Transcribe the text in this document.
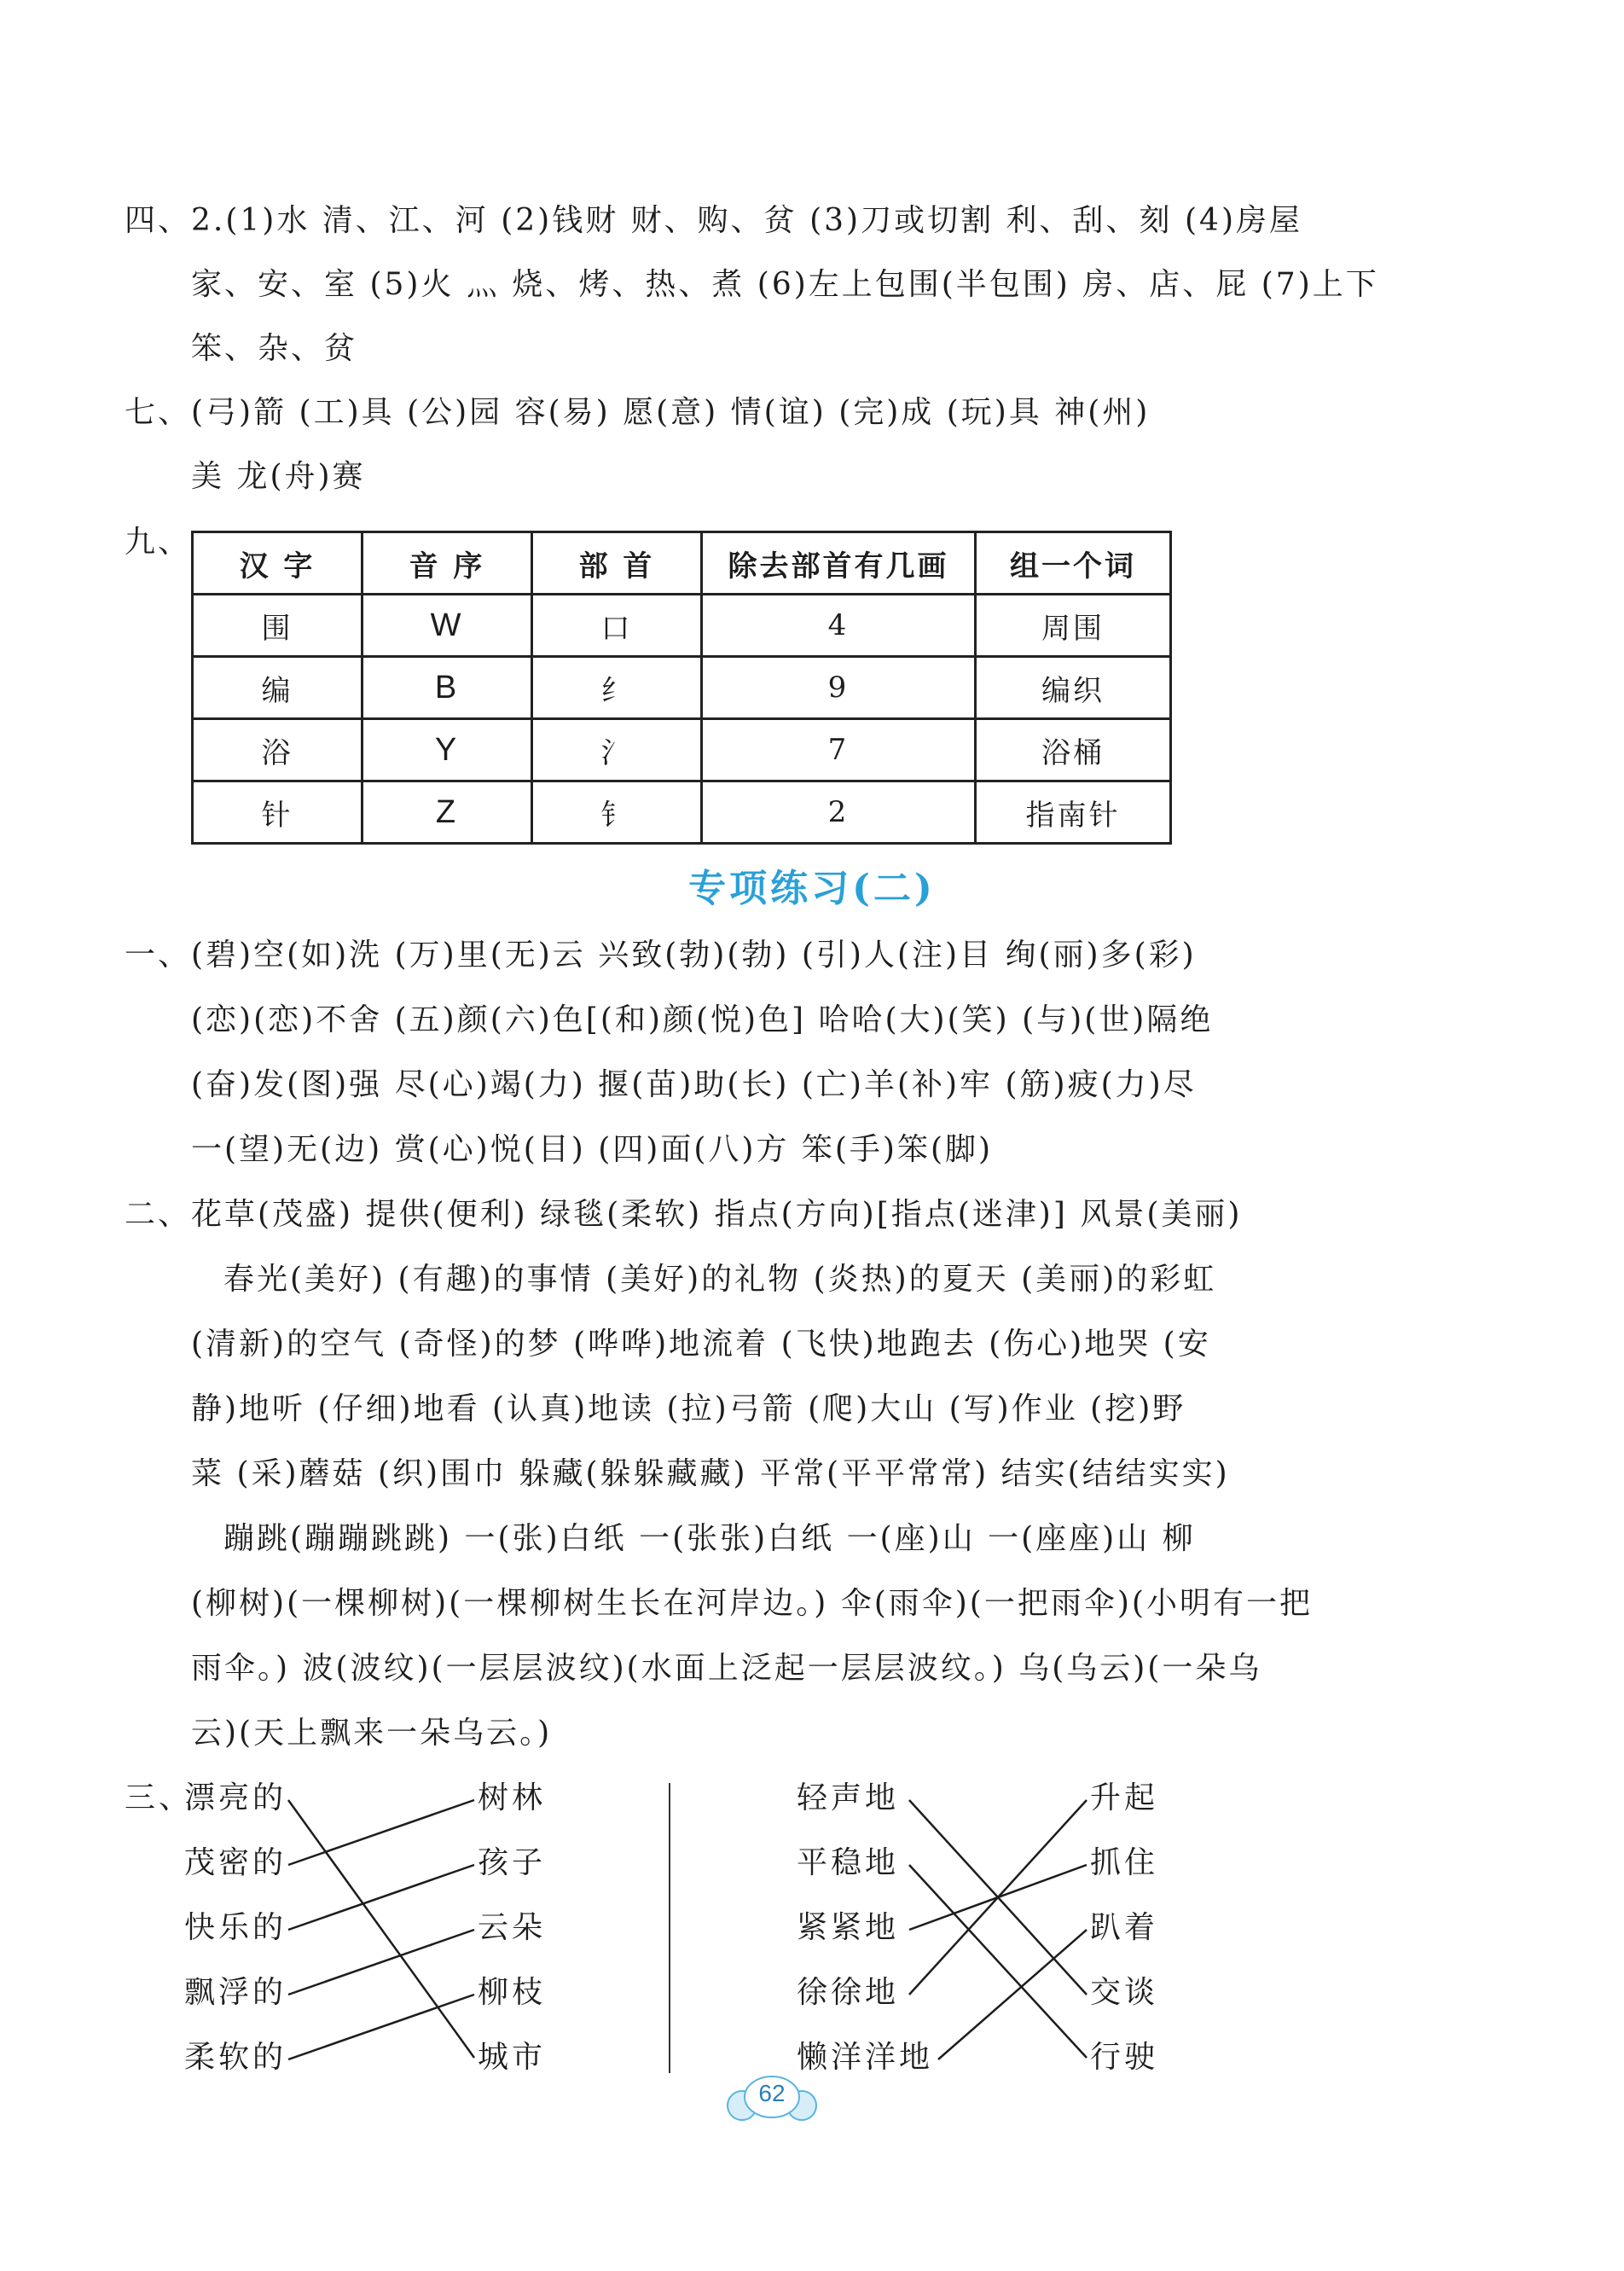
四、2.(1)水 清、江、河 (2)钱财 财、购、贫 (3)刀或切割 利、刮、刻 (4)房屋
家、安、室 (5)火 灬 烧、烤、热、煮 (6)左上包围(半包围) 房、店、屁 (7)上下
笨、杂、贫
七、(弓)箭 (工)具 (公)园 容(易) 愿(意) 情(谊) (完)成 (玩)具 神(州)
美 龙(舟)赛
九、
汉 字	音 序	部 首	除去部首有几画	组一个词
围	W	口	4	周围
编	B	纟	9	编织
浴	Y	氵	7	浴桶
针	Z	钅	2	指南针
专项练习(二)
一、(碧)空(如)洗 (万)里(无)云 兴致(勃)(勃) (引)人(注)目 绚(丽)多(彩)
(恋)(恋)不舍 (五)颜(六)色[(和)颜(悦)色] 哈哈(大)(笑) (与)(世)隔绝
(奋)发(图)强 尽(心)竭(力) 揠(苗)助(长) (亡)羊(补)牢 (筋)疲(力)尽
一(望)无(边) 赏(心)悦(目) (四)面(八)方 笨(手)笨(脚)
二、花草(茂盛) 提供(便利) 绿毯(柔软) 指点(方向)[指点(迷津)] 风景(美丽)
春光(美好) (有趣)的事情 (美好)的礼物 (炎热)的夏天 (美丽)的彩虹
(清新)的空气 (奇怪)的梦 (哗哗)地流着 (飞快)地跑去 (伤心)地哭 (安
静)地听 (仔细)地看 (认真)地读 (拉)弓箭 (爬)大山 (写)作业 (挖)野
菜 (采)蘑菇 (织)围巾 躲藏(躲躲藏藏) 平常(平平常常) 结实(结结实实)
蹦跳(蹦蹦跳跳) 一(张)白纸 一(张张)白纸 一(座)山 一(座座)山 柳
(柳树)(一棵柳树)(一棵柳树生长在河岸边。) 伞(雨伞)(一把雨伞)(小明有一把
雨伞。) 波(波纹)(一层层波纹)(水面上泛起一层层波纹。) 乌(乌云)(一朵乌
云)(天上飘来一朵乌云。)
三、
漂亮的
茂密的
快乐的
飘浮的
柔软的
树林
孩子
云朵
柳枝
城市
轻声地
平稳地
紧紧地
徐徐地
懒洋洋地
升起
抓住
趴着
交谈
行驶
62
